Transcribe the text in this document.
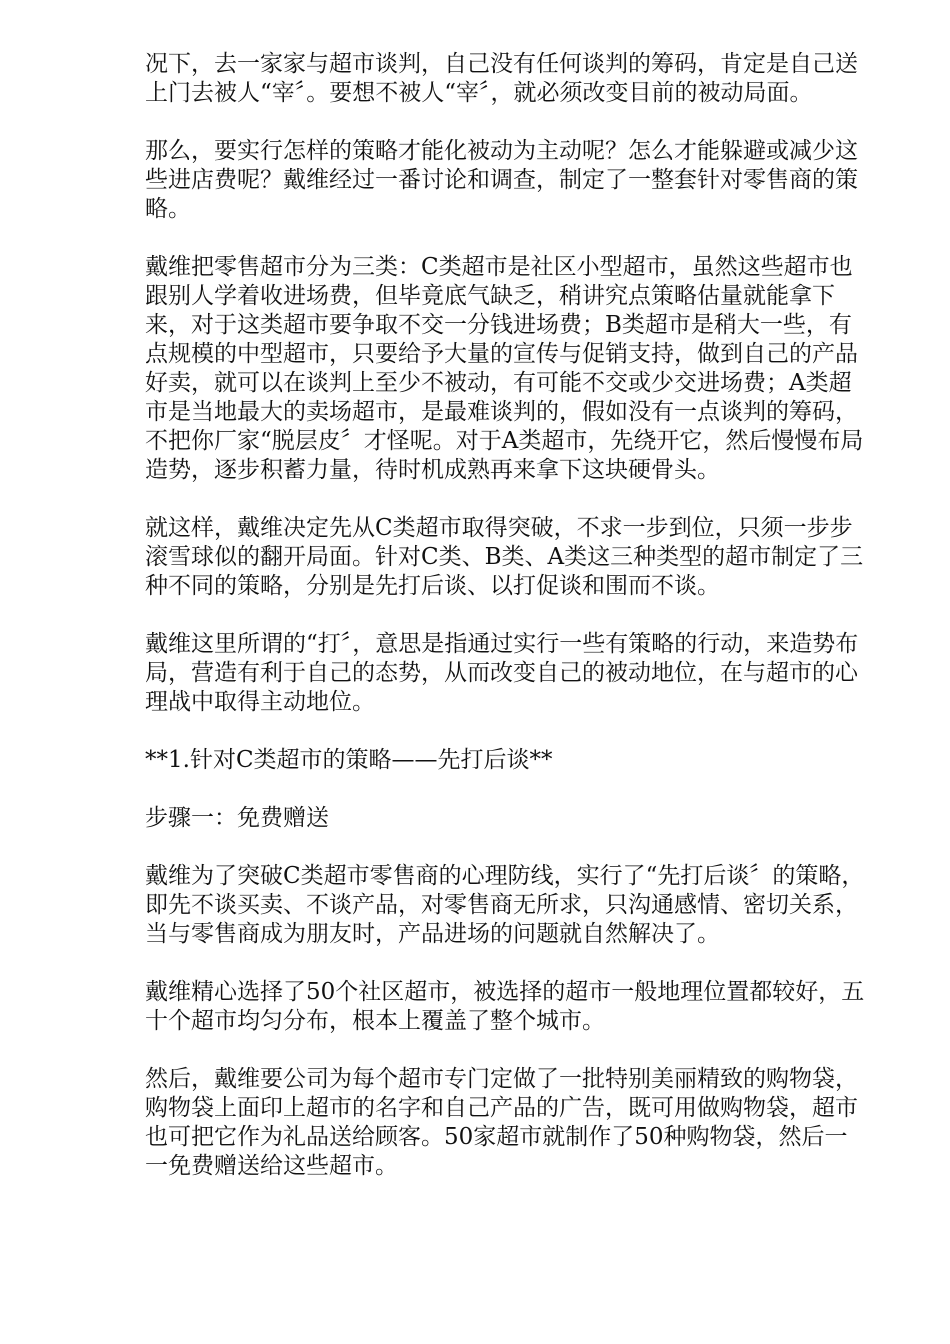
况下，去一家家与超市谈判，自己没有任何谈判的筹码，肯定是自己送上门去被人“宰〞。要想不被人“宰〞，就必须改变目前的被动局面。

那么，要实行怎样的策略才能化被动为主动呢？怎么才能躲避或减少这些进店费呢？戴维经过一番讨论和调查，制定了一整套针对零售商的策略。

戴维把零售超市分为三类：C类超市是社区小型超市，虽然这些超市也跟别人学着收进场费，但毕竟底气缺乏，稍讲究点策略估量就能拿下来，对于这类超市要争取不交一分钱进场费；B类超市是稍大一些，有点规模的中型超市，只要给予大量的宣传与促销支持，做到自己的产品好卖，就可以在谈判上至少不被动，有可能不交或少交进场费；A类超市是当地最大的卖场超市，是最难谈判的，假如没有一点谈判的筹码，不把你厂家“脱层皮〞才怪呢。对于A类超市，先绕开它，然后慢慢布局造势，逐步积蓄力量，待时机成熟再来拿下这块硬骨头。

就这样，戴维决定先从C类超市取得突破，不求一步到位，只须一步步滚雪球似的翻开局面。针对C类、B类、A类这三种类型的超市制定了三种不同的策略，分别是先打后谈、以打促谈和围而不谈。

戴维这里所谓的“打〞，意思是指通过实行一些有策略的行动，来造势布局，营造有利于自己的态势，从而改变自己的被动地位，在与超市的心理战中取得主动地位。

**1.针对C类超市的策略——先打后谈**

步骤一：免费赠送

戴维为了突破C类超市零售商的心理防线，实行了“先打后谈〞的策略，即先不谈买卖、不谈产品，对零售商无所求，只沟通感情、密切关系，当与零售商成为朋友时，产品进场的问题就自然解决了。

戴维精心选择了50个社区超市，被选择的超市一般地理位置都较好，五十个超市均匀分布，根本上覆盖了整个城市。

然后，戴维要公司为每个超市专门定做了一批特别美丽精致的购物袋，购物袋上面印上超市的名字和自己产品的广告，既可用做购物袋，超市也可把它作为礼品送给顾客。50家超市就制作了50种购物袋，然后一一免费赠送给这些超市。
